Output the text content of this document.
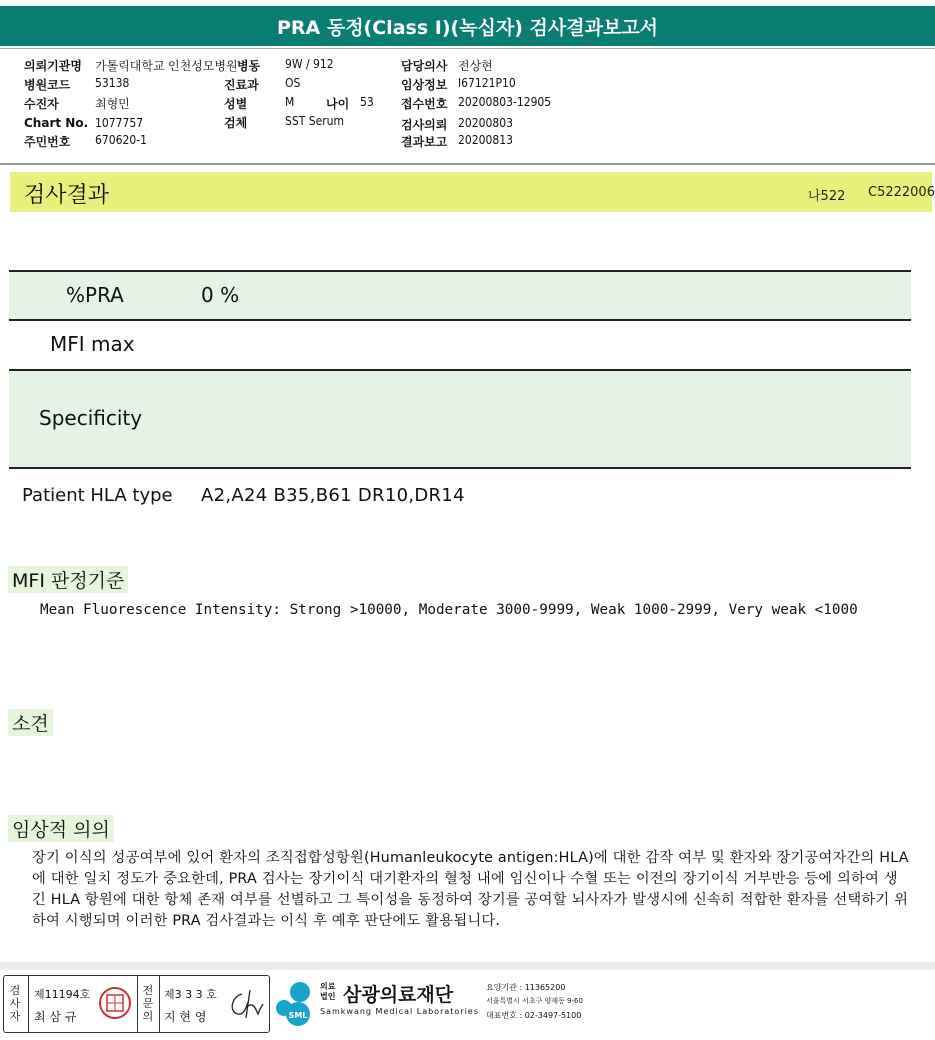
PRA 동정(Class I)(녹십자) 검사결과보고서
의뢰기관명 가톨릭대학교 인천성모병원
병원코드 53138
수진자	최형민
Chart No. 1077757
주민번호 670620-1
병동 9W / 912
진료과 OS
성별	M	나이 53
검체	SST Serum
담당의사 전상현
임상정보 I67121P10
접수번호 20200803-12905
검사의뢰 20200803
결과보고 20200813
검사결과	나522 C5222006
%PRA	0 %
MFI max
Specificity
Patient HLA type A2,A24 B35,B61 DR10,DR14
MFI 판정기준
Mean Fluorescence Intensity: Strong >10000, Moderate 3000-9999, Weak 1000-2999, Very weak <1000
소견
임상적 의의
장기 이식의 성공여부에 있어 환자의 조직접합성항원(Humanleukocyte antigen:HLA)에 대한 감작 여부 및 환자와 장기공여자간의 HLA에 대한 일치 정도가 중요한데, PRA 검사는 장기이식 대기환자의 혈청 내에 임신이나 수혈 또는 이전의 장기이식 거부반응 등에 의하여 생긴 HLA 항원에 대한 항체 존재 여부를 선별하고 그 특이성을 동정하여 장기를 공여할 뇌사자가 발생시에 신속히 적합한 환자를 선택하기 위하여 시행되며 이러한 PRA 검사결과는 이식 후 예후 판단에도 활용됩니다.
검사자
제11194호
최 삼 규
전문의
제3 3 3 호
지 현 영	SML
의료법인 삼광의료재단
Samkwang Medical Laboratories
요양기관 : 11365200
서울특별시 서초구 양재동 9-60
대표번호 : 02-3497-5100
